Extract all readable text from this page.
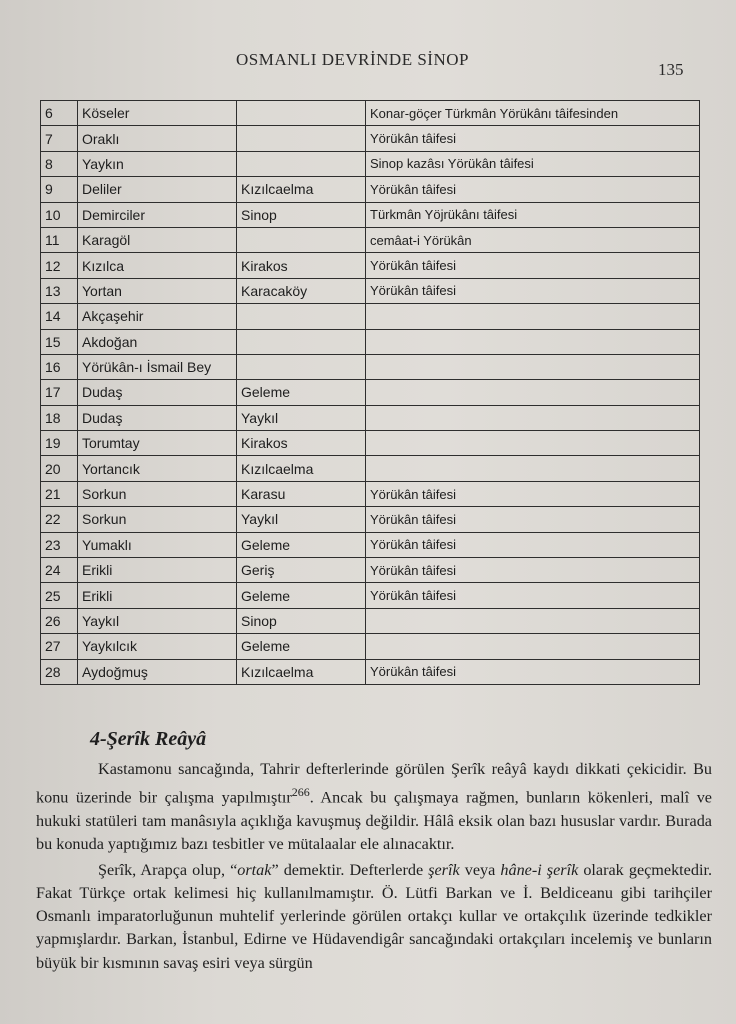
OSMANLI DEVRİNDE SİNOP
135
6	Köseler		Konar-göçer Türkmân Yörükânı tâifesinden
7	Oraklı		Yörükân tâifesi
8	Yaykın		Sinop kazâsı Yörükân tâifesi
9	Deliler	Kızılcaelma	Yörükân tâifesi
10	Demirciler	Sinop	Türkmân Yöjrükânı tâifesi
11	Karagöl		cemâat-i Yörükân
12	Kızılca	Kirakos	Yörükân tâifesi
13	Yortan	Karacaköy	Yörükân tâifesi
14	Akçaşehir		
15	Akdoğan		
16	Yörükân-ı İsmail Bey		
17	Dudaş	Geleme	
18	Dudaş	Yaykıl	
19	Torumtay	Kirakos	
20	Yortancık	Kızılcaelma	
21	Sorkun	Karasu	Yörükân tâifesi
22	Sorkun	Yaykıl	Yörükân tâifesi
23	Yumaklı	Geleme	Yörükân tâifesi
24	Erikli	Geriş	Yörükân tâifesi
25	Erikli	Geleme	Yörükân tâifesi
26	Yaykıl	Sinop	
27	Yaykılcık	Geleme	
28	Aydoğmuş	Kızılcaelma	Yörükân tâifesi
4-Şerîk Reâyâ

Kastamonu sancağında, Tahrir defterlerinde görülen Şerîk reâyâ kaydı dikkati çekicidir. Bu konu üzerinde bir çalışma yapılmıştır$^{266}$. Ancak bu çalışmaya rağmen, bunların kökenleri, malî ve hukuki statüleri tam manâsıyla açıklığa kavuşmuş değildir. Hâlâ eksik olan bazı hususlar vardır. Burada bu konuda yaptığımız bazı tesbitler ve mütalaalar ele alınacaktır.

Şerîk, Arapça olup, “ortak” demektir. Defterlerde şerîk veya hâne-i şerîk olarak geçmektedir. Fakat Türkçe ortak kelimesi hiç kullanılmamıştır. Ö. Lütfi Barkan ve İ. Beldiceanu gibi tarihçiler Osmanlı imparatorluğunun muhtelif yerlerinde görülen ortakçı kullar ve ortakçılık üzerinde tedkikler yapmışlardır. Barkan, İstanbul, Edirne ve Hüdavendigâr sancağındaki ortakçıları incelemiş ve bunların büyük bir kısmının savaş esiri veya sürgün
